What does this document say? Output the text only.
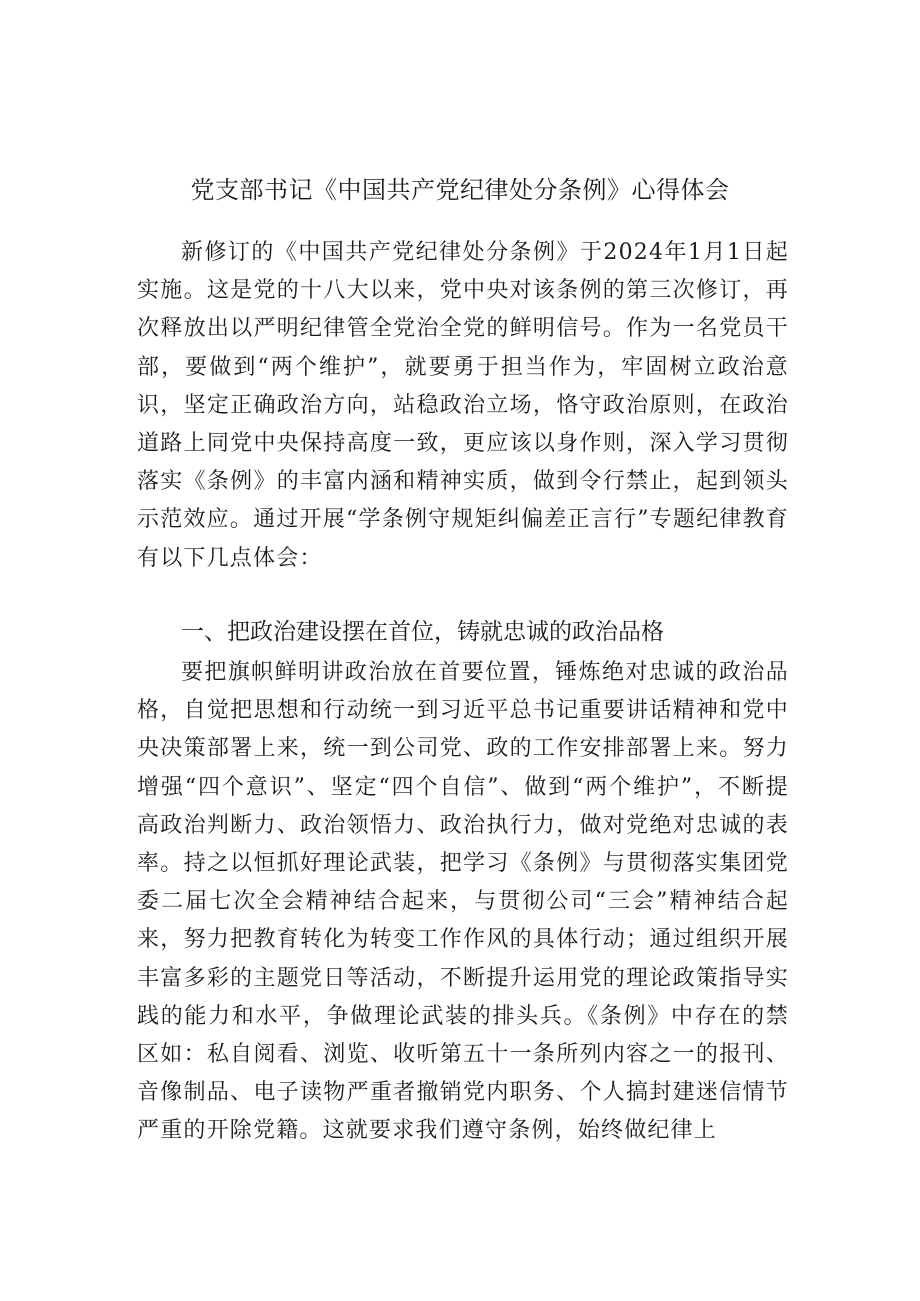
党支部书记《中国共产党纪律处分条例》心得体会

新修订的《中国共产党纪律处分条例》于2024年1月1日起实施。这是党的十八大以来，党中央对该条例的第三次修订，再次释放出以严明纪律管全党治全党的鲜明信号。作为一名党员干部，要做到“两个维护”，就要勇于担当作为，牢固树立政治意识，坚定正确政治方向，站稳政治立场，恪守政治原则，在政治道路上同党中央保持高度一致，更应该以身作则，深入学习贯彻落实《条例》的丰富内涵和精神实质，做到令行禁止，起到领头示范效应。通过开展“学条例守规矩纠偏差正言行”专题纪律教育有以下几点体会：

一、把政治建设摆在首位，铸就忠诚的政治品格

要把旗帜鲜明讲政治放在首要位置，锤炼绝对忠诚的政治品格，自觉把思想和行动统一到习近平总书记重要讲话精神和党中央决策部署上来，统一到公司党、政的工作安排部署上来。努力增强“四个意识”、坚定“四个自信”、做到“两个维护”，不断提高政治判断力、政治领悟力、政治执行力，做对党绝对忠诚的表率。持之以恒抓好理论武装，把学习《条例》与贯彻落实集团党委二届七次全会精神结合起来，与贯彻公司“三会”精神结合起来，努力把教育转化为转变工作作风的具体行动；通过组织开展丰富多彩的主题党日等活动，不断提升运用党的理论政策指导实践的能力和水平，争做理论武装的排头兵。《条例》中存在的禁区如：私自阅看、浏览、收听第五十一条所列内容之一的报刊、音像制品、电子读物严重者撤销党内职务、个人搞封建迷信情节严重的开除党籍。这就要求我们遵守条例，始终做纪律上
